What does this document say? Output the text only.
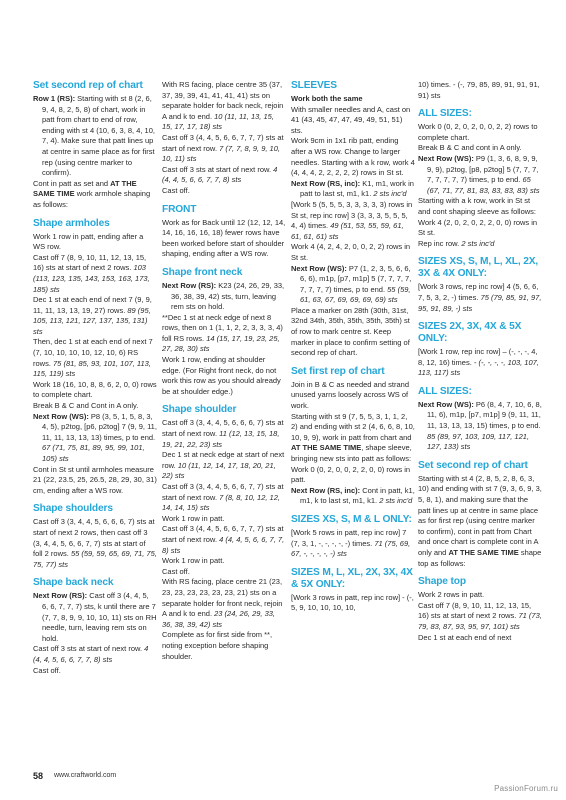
Set second rep of chart
Row 1 (RS): Starting with st 8 (2, 6, 9, 4, 8, 2, 5, 8) of chart, work in patt from chart to end of row, ending with st 4 (10, 6, 3, 8, 4, 10, 7, 4). Make sure that patt lines up at centre in same place as for first rep (using centre marker to confirm).
Cont in patt as set and AT THE SAME TIME work armhole shaping as follows:
Shape armholes
Work 1 row in patt, ending after a WS row.
Cast off 7 (8, 9, 10, 11, 12, 13, 15, 16) sts at start of next 2 rows. 103 (113, 123, 135, 143, 153, 163, 173, 185) sts
Dec 1 st at each end of next 7 (9, 9, 11, 11, 13, 13, 19, 27) rows. 89 (95, 105, 113, 121, 127, 137, 135, 131) sts
Then, dec 1 st at each end of next 7 (7, 10, 10, 10, 10, 12, 10, 6) RS rows. 75 (81, 85, 93, 101, 107, 113, 115, 119) sts
Work 18 (16, 10, 8, 8, 6, 2, 0, 0) rows to complete chart.
Break B & C and Cont in A only.
Next Row (WS): P8 (3, 5, 1, 5, 8, 3, 4, 5), p2tog, [p6, p2tog] 7 (9, 9, 11, 11, 11, 13, 13, 13) times, p to end. 67 (71, 75, 81, 89, 95, 99, 101, 105) sts
Cont in St st until armholes measure 21 (22, 23.5, 25, 26.5, 28, 29, 30, 31) cm, ending after a WS row.
Shape shoulders
Cast off 3 (3, 4, 4, 5, 6, 6, 6, 7) sts at start of next 2 rows, then cast off 3 (3, 4, 4, 5, 6, 6, 7, 7) sts at start of foll 2 rows. 55 (59, 59, 65, 69, 71, 75, 75, 77) sts
Shape back neck
Next Row (RS): Cast off 3 (4, 4, 5, 6, 6, 7, 7, 7) sts, k until there are 7 (7, 7, 8, 9, 9, 10, 10, 11) sts on RH needle, turn, leaving rem sts on hold.
Cast off 3 sts at start of next row. 4 (4, 4, 5, 6, 6, 7, 7, 8) sts
Cast off.
With RS facing, place centre 35 (37, 37, 39, 39, 41, 41, 41, 41) sts on separate holder for back neck, rejoin A and k to end. 10 (11, 11, 13, 15, 15, 17, 17, 18) sts
Cast off 3 (4, 4, 5, 6, 6, 7, 7, 7) sts at start of next row. 7 (7, 7, 8, 9, 9, 10, 10, 11) sts
Cast off 3 sts at start of next row. 4 (4, 4, 5, 6, 6, 7, 7, 8) sts
Cast off.
FRONT
Work as for Back until 12 (12, 12, 14, 14, 16, 16, 16, 18) fewer rows have been worked before start of shoulder shaping, ending after a WS row.
Shape front neck
Next Row (RS): K23 (24, 26, 29, 33, 36, 38, 39, 42) sts, turn, leaving rem sts on hold.
**Dec 1 st at neck edge of next 8 rows, then on 1 (1, 1, 2, 2, 3, 3, 3, 4) foll RS rows. 14 (15, 17, 19, 23, 25, 27, 28, 30) sts
Work 1 row, ending at shoulder edge. (For Right front neck, do not work this row as you should already be at shoulder edge.)
Shape shoulder
Cast off 3 (3, 4, 4, 5, 6, 6, 6, 7) sts at start of next row. 11 (12, 13, 15, 18, 19, 21, 22, 23) sts
Dec 1 st at neck edge at start of next row. 10 (11, 12, 14, 17, 18, 20, 21, 22) sts
Cast off 3 (3, 4, 4, 5, 6, 6, 7, 7) sts at start of next row. 7 (8, 8, 10, 12, 12, 14, 14, 15) sts
Work 1 row in patt.
Cast off 3 (4, 4, 5, 6, 6, 7, 7, 7) sts at start of next row. 4 (4, 4, 5, 6, 6, 7, 7, 8) sts
Work 1 row in patt.
Cast off.
With RS facing, place centre 21 (23, 23, 23, 23, 23, 23, 23, 21) sts on a separate holder for front neck, rejoin A and k to end. 23 (24, 26, 29, 33, 36, 38, 39, 42) sts
Complete as for first side from **, noting exception before shaping shoulder.
SLEEVES
Work both the same
With smaller needles and A, cast on 41 (43, 45, 47, 47, 49, 49, 51, 51) sts.
Work 9cm in 1x1 rib patt, ending after a WS row. Change to larger needles. Starting with a k row, work 4 (4, 4, 4, 2, 2, 2, 2, 2) rows in St st.
Next Row (RS, inc): K1, m1, work in patt to last st, m1, k1. 2 sts inc'd
[Work 5 (5, 5, 5, 3, 3, 3, 3, 3) rows in St st, rep inc row] 3 (3, 3, 3, 5, 5, 5, 4, 4) times. 49 (51, 53, 55, 59, 61, 61, 61, 61) sts
Work 4 (4, 2, 4, 2, 0, 0, 2, 2) rows in St st.
Next Row (WS): P7 (1, 2, 3, 5, 6, 6, 6, 6), m1p, [p7, m1p] 5 (7, 7, 7, 7, 7, 7, 7, 7) times, p to end. 55 (59, 61, 63, 67, 69, 69, 69, 69) sts
Place a marker on 28th (30th, 31st, 32nd 34th, 35th, 35th, 35th, 35th) st of row to mark centre st. Keep marker in place to confirm setting of second rep of chart.
Set first rep of chart
Join in B & C as needed and strand unused yarns loosely across WS of work.
Starting with st 9 (7, 5, 5, 3, 1, 1, 2, 2) and ending with st 2 (4, 6, 6, 8, 10, 10, 9, 9), work in patt from chart and AT THE SAME TIME, shape sleeve, bringing new sts into patt as follows:
Work 0 (0, 2, 0, 0, 2, 2, 0, 0) rows in patt.
Next Row (RS, inc): Cont in patt, k1, m1, k to last st, m1, k1. 2 sts inc'd
SIZES XS, S, M & L ONLY:
[Work 5 rows in patt, rep inc row] 7 (7, 3, 1, -, -, -, -, -) times. 71 (75, 69, 67, -, -, -, -, -) sts
SIZES M, L, XL, 2X, 3X, 4X & 5X ONLY:
[Work 3 rows in patt, rep inc row] - (-, 5, 9, 10, 10, 10, 10,
10) times. - (-, 79, 85, 89, 91, 91, 91, 91) sts
ALL SIZES:
Work 0 (0, 2, 0, 2, 0, 0, 2, 2) rows to complete chart.
Break B & C and cont in A only.
Next Row (WS): P9 (1, 3, 6, 8, 9, 9, 9, 9), p2tog, [p8, p2tog] 5 (7, 7, 7, 7, 7, 7, 7, 7) times, p to end. 65 (67, 71, 77, 81, 83, 83, 83, 83) sts
Starting with a k row, work in St st and cont shaping sleeve as follows:
Work 4 (2, 0, 2, 0, 2, 2, 0, 0) rows in St st.
Rep inc row. 2 sts inc'd
SIZES XS, S, M, L, XL, 2X, 3X & 4X ONLY:
[Work 3 rows, rep inc row] 4 (5, 6, 6, 7, 5, 3, 2, -) times. 75 (79, 85, 91, 97, 95, 91, 89, -) sts
SIZES 2X, 3X, 4X & 5X ONLY:
[Work 1 row, rep inc row] – (-, -, -, 4, 8, 12, 16) times. - (-, -, -, -, 103, 107, 113, 117) sts
ALL SIZES:
Next Row (WS): P6 (8, 4, 7, 10, 6, 8, 11, 6), m1p, [p7, m1p] 9 (9, 11, 11, 11, 13, 13, 13, 15) times, p to end. 85 (89, 97, 103, 109, 117, 121, 127, 133) sts
Set second rep of chart
Starting with st 4 (2, 8, 5, 2, 8, 6, 3, 10) and ending with st 7 (9, 3, 6, 9, 3, 5, 8, 1), and making sure that the patt lines up at centre in same place as for first rep (using centre marker to confirm), cont in patt from Chart and once chart is complete cont in A only and AT THE SAME TIME shape top as follows:
Shape top
Work 2 rows in patt.
Cast off 7 (8, 9, 10, 11, 12, 13, 15, 16) sts at start of next 2 rows. 71 (73, 79, 83, 87, 93, 95, 97, 101) sts
Dec 1 st at each end of next
58 www.craftworld.com
PassionForum.ru
